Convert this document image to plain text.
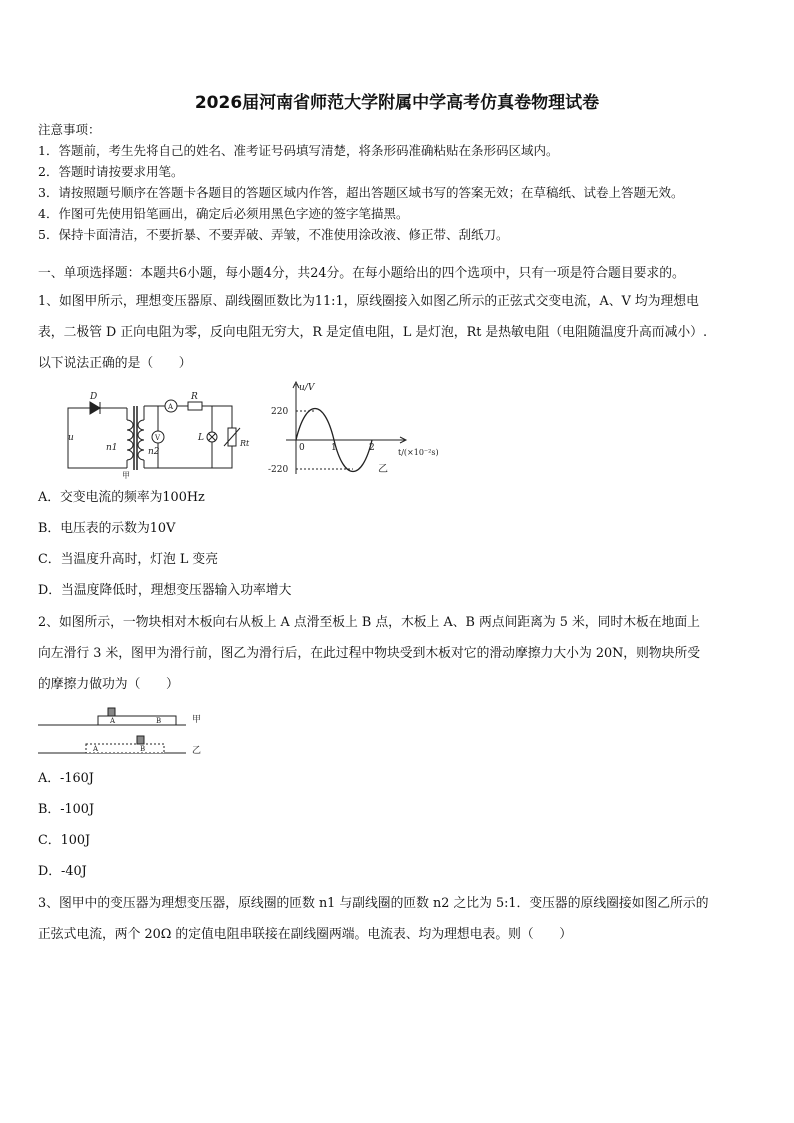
2026届河南省师范大学附属中学高考仿真卷物理试卷
注意事项：
1．答题前，考生先将自己的姓名、准考证号码填写清楚，将条形码准确粘贴在条形码区域内。
2．答题时请按要求用笔。
3．请按照题号顺序在答题卡各题目的答题区域内作答，超出答题区域书写的答案无效；在草稿纸、试卷上答题无效。
4．作图可先使用铅笔画出，确定后必须用黑色字迹的签字笔描黑。
5．保持卡面清洁，不要折暴、不要弄破、弄皱，不准使用涂改液、修正带、刮纸刀。
一、单项选择题：本题共6小题，每小题4分，共24分。在每小题给出的四个选项中，只有一项是符合题目要求的。
1、如图甲所示，理想变压器原、副线圈匝数比为11:1，原线圈接入如图乙所示的正弦式交变电流，A、V 均为理想电
表，二极管 D 正向电阻为零，反向电阻无穷大，R 是定值电阻，L 是灯泡，Rt 是热敏电阻（电阻随温度升高而减小）.
以下说法正确的是（　　）
D
u
n1	n2
A
V
R
L
Rt
甲
u/V
220
-220
0	1	2	t/(×10⁻²s)
乙
A．交变电流的频率为100Hz
B．电压表的示数为10V
C．当温度升高时，灯泡 L 变亮
D．当温度降低时，理想变压器输入功率增大
2、如图所示，一物块相对木板向右从板上 A 点滑至板上 B 点，木板上 A、B 两点间距离为 5 米，同时木板在地面上
向左滑行 3 米，图甲为滑行前，图乙为滑行后，在此过程中物块受到木板对它的滑动摩擦力大小为 20N，则物块所受
的摩擦力做功为（　　）
A	B
A	B
甲
乙
A．-160J
B．-100J
C．100J
D．-40J
3、图甲中的变压器为理想变压器，原线圈的匝数 n1 与副线圈的匝数 n2 之比为 5:1．变压器的原线圈接如图乙所示的
正弦式电流，两个 20Ω 的定值电阻串联接在副线圈两端。电流表、均为理想电表。则（　　）
